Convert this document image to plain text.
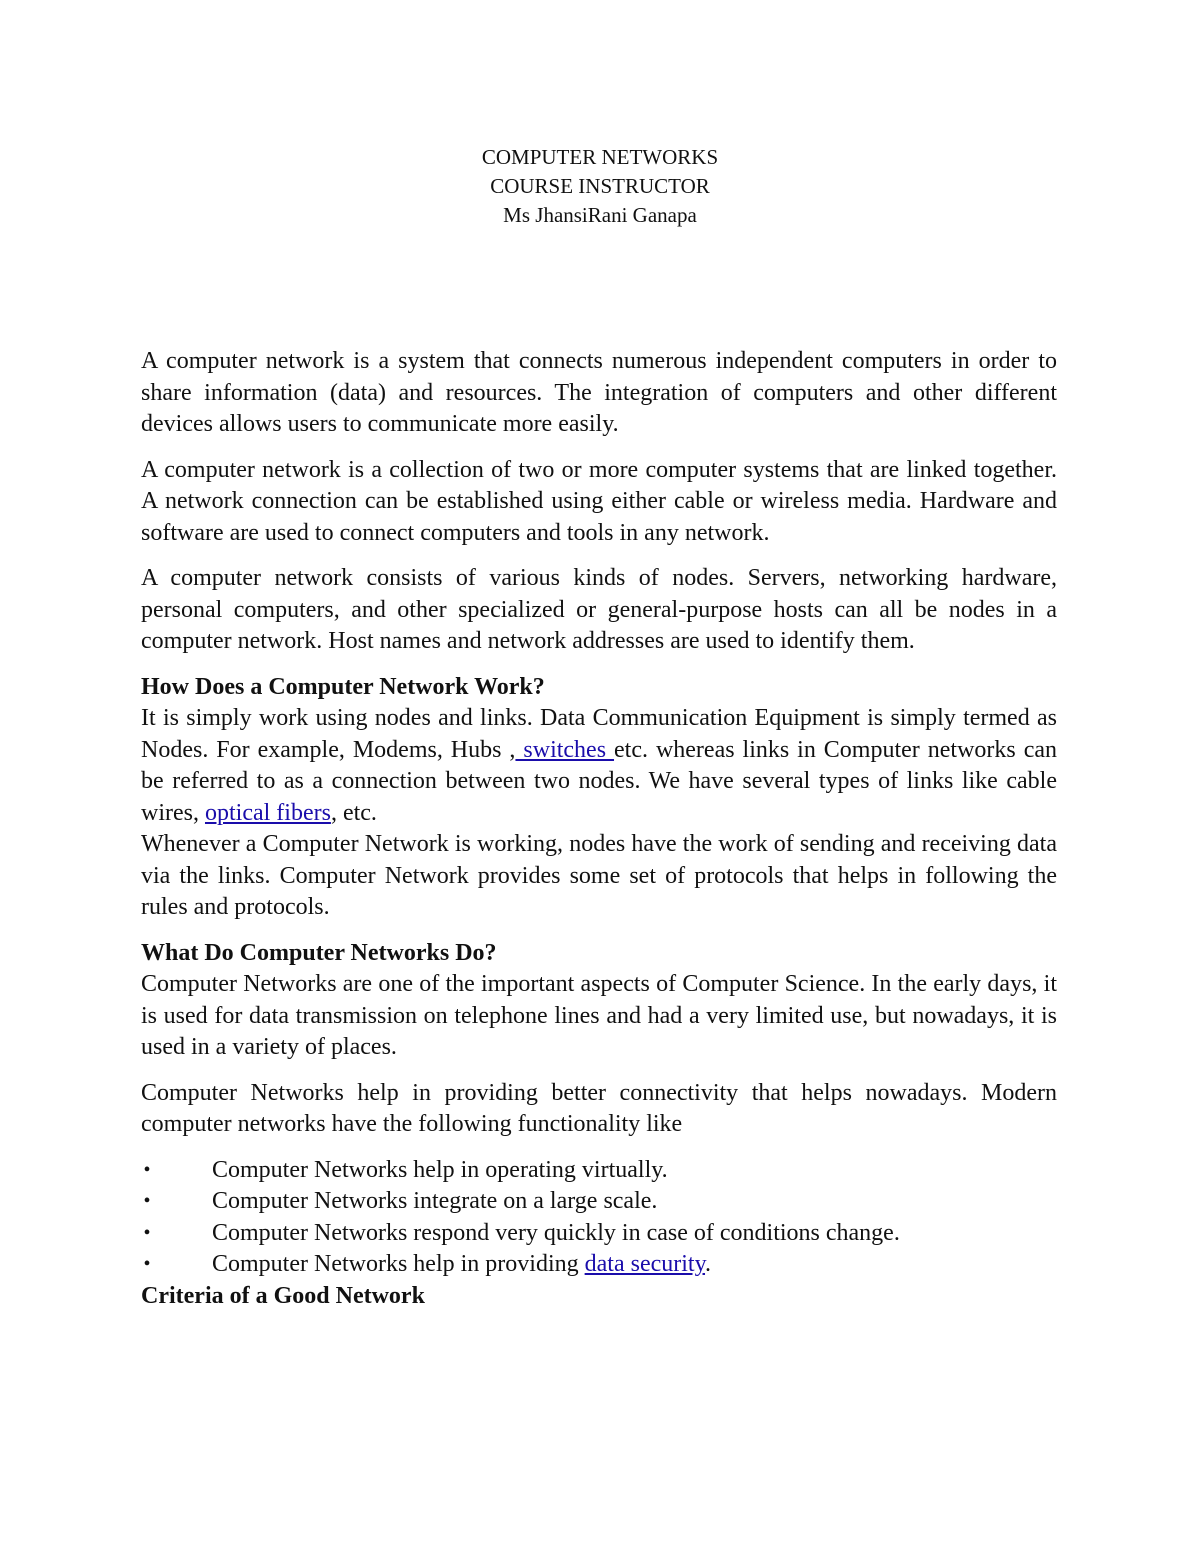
COMPUTER NETWORKS
COURSE INSTRUCTOR
Ms JhansiRani Ganapa

A computer network is a system that connects numerous independent computers in order to share information (data) and resources. The integration of computers and other different devices allows users to communicate more easily.

A computer network is a collection of two or more computer systems that are linked together. A network connection can be established using either cable or wireless media. Hardware and software are used to connect computers and tools in any network.

A computer network consists of various kinds of nodes. Servers, networking hardware, personal computers, and other specialized or general-purpose hosts can all be nodes in a computer network. Host names and network addresses are used to identify them.

How Does a Computer Network Work?

It is simply work using nodes and links. Data Communication Equipment is simply termed as Nodes. For example, Modems, Hubs , switches etc. whereas links in Computer networks can be referred to as a connection between two nodes. We have several types of links like cable wires, optical fibers, etc.

Whenever a Computer Network is working, nodes have the work of sending and receiving data via the links. Computer Network provides some set of protocols that helps in following the rules and protocols.

What Do Computer Networks Do?

Computer Networks are one of the important aspects of Computer Science. In the early days, it is used for data transmission on telephone lines and had a very limited use, but nowadays, it is used in a variety of places.

Computer Networks help in providing better connectivity that helps nowadays. Modern computer networks have the following functionality like

•	Computer Networks help in operating virtually.
•	Computer Networks integrate on a large scale.
•	Computer Networks respond very quickly in case of conditions change.
•	Computer Networks help in providing data security.

Criteria of a Good Network
